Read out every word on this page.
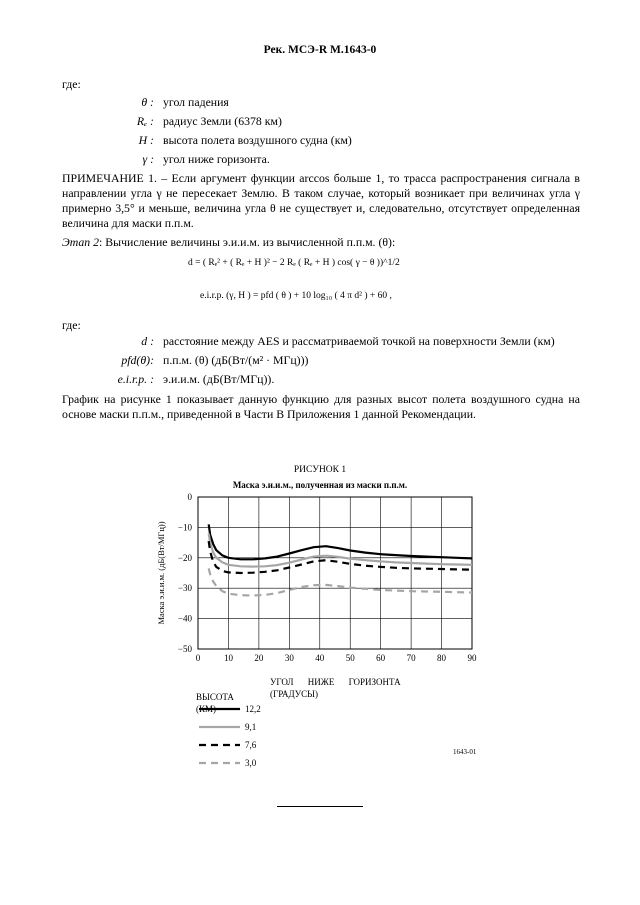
Рек. МСЭ-R M.1643-0
где:
θ : угол падения
Rₑ : радиус Земли (6378 км)
H : высота полета воздушного судна (км)
γ : угол ниже горизонта.
ПРИМЕЧАНИЕ 1. – Если аргумент функции arccos больше 1, то трасса распространения сигнала в направлении угла γ не пересекает Землю. В таком случае, который возникает при величинах угла γ примерно 3,5° и меньше, величина угла θ не существует и, следовательно, отсутствует определенная величина для маски п.п.м.
Этап 2: Вычисление величины э.и.и.м. из вычисленной п.п.м. (θ):
d = ( Rₑ² + ( Rₑ + H )² − 2 Rₑ ( Rₑ + H ) cos( γ − θ ))^1/2
e.i.r.p. (γ, H ) = pfd ( θ ) + 10 log₁₀ ( 4 π d² ) + 60 ,
где:
d : расстояние между AES и рассматриваемой точкой на поверхности Земли (км)
pfd(θ): п.п.м. (θ) (дБ(Вт/(м² · МГц)))
e.i.r.p. : э.и.и.м. (дБ(Вт/МГц)).
График на рисунке 1 показывает данную функцию для разных высот полета воздушного судна на основе маски п.п.м., приведенной в Части В Приложения 1 данной Рекомендации.
РИСУНОК 1
Маска э.и.и.м., полученная из маски п.п.м.
0	10 20 30 40 50 60 70 80 90
0
−10
−20
−30
−40
−50
Маска э.и.и.м. (дБ(Вт/МГц))
12,2
9,1
7,6
3,0
УГОЛ НИЖЕ ГОРИЗОНТА (ГРАДУСЫ)
ВЫСОТА (КМ)
1643-01
